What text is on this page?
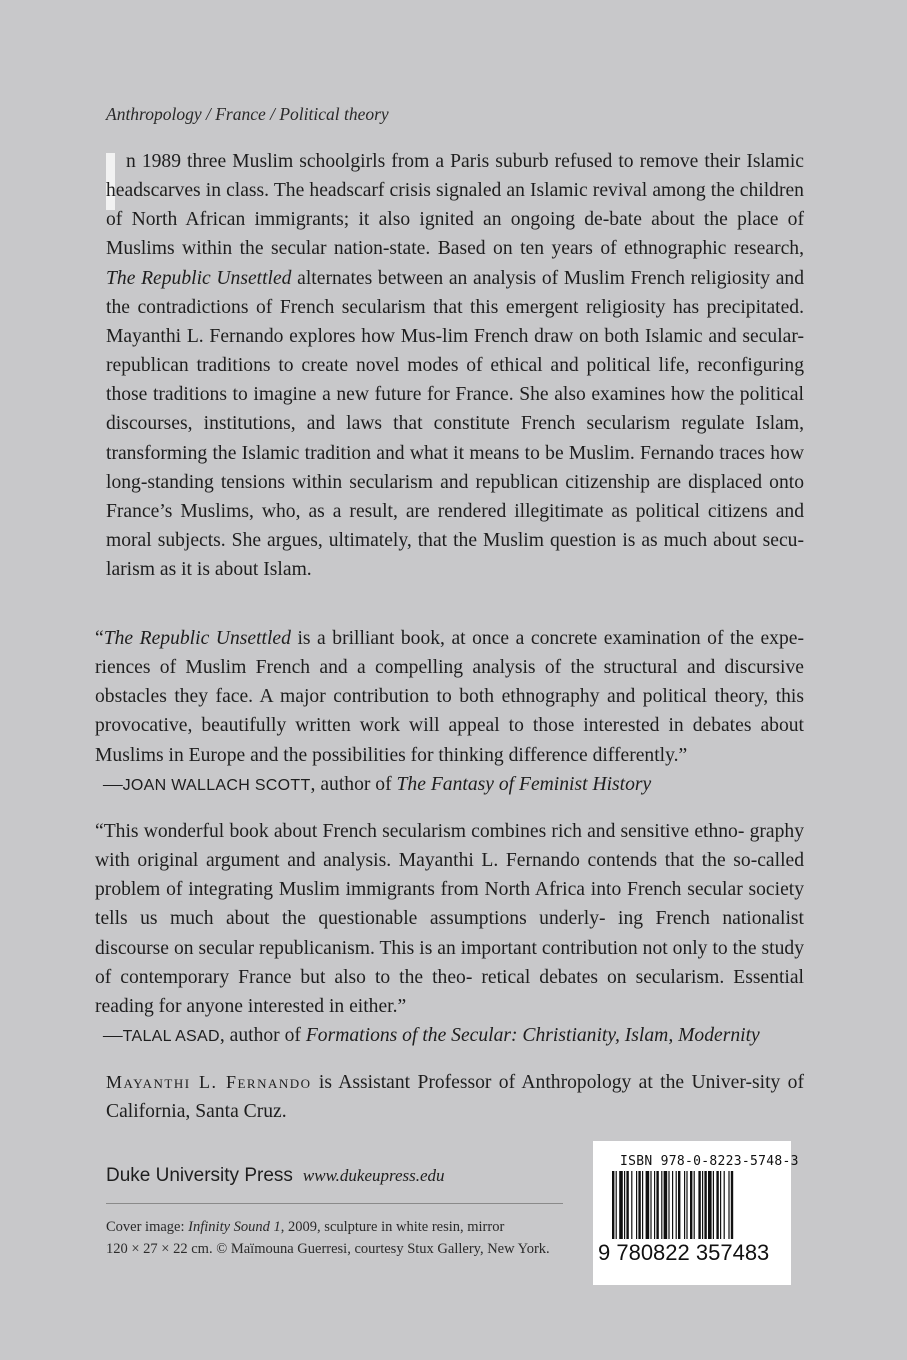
Anthropology / France / Political theory
n 1989 three Muslim schoolgirls from a Paris suburb refused to remove their Islamic headscarves in class. The headscarf crisis signaled an Islamic revival among the children of North African immigrants; it also ignited an ongoing de-bate about the place of Muslims within the secular nation-state. Based on ten years of ethnographic research, The Republic Unsettled alternates between an analysis of Muslim French religiosity and the contradictions of French secularism that this emergent religiosity has precipitated. Mayanthi L. Fernando explores how Mus-lim French draw on both Islamic and secular-republican traditions to create novel modes of ethical and political life, reconfiguring those traditions to imagine a new future for France. She also examines how the political discourses, institutions, and laws that constitute French secularism regulate Islam, transforming the Islamic tradition and what it means to be Muslim. Fernando traces how long-standing tensions within secularism and republican citizenship are displaced onto France’s Muslims, who, as a result, are rendered illegitimate as political citizens and moral subjects. She argues, ultimately, that the Muslim question is as much about secu-larism as it is about Islam.
“The Republic Unsettled is a brilliant book, at once a concrete examination of the expe- riences of Muslim French and a compelling analysis of the structural and discursive obstacles they face. A major contribution to both ethnography and political theory, this provocative, beautifully written work will appeal to those interested in debates about Muslims in Europe and the possibilities for thinking difference differently.”
—JOAN WALLACH SCOTT, author of The Fantasy of Feminist History
“This wonderful book about French secularism combines rich and sensitive ethno- graphy with original argument and analysis. Mayanthi L. Fernando contends that the so-called problem of integrating Muslim immigrants from North Africa into French secular society tells us much about the questionable assumptions underly- ing French nationalist discourse on secular republicanism. This is an important contribution not only to the study of contemporary France but also to the theo- retical debates on secularism. Essential reading for anyone interested in either.”
—TALAL ASAD, author of Formations of the Secular: Christianity, Islam, Modernity
Mayanthi L. Fernando is Assistant Professor of Anthropology at the Univer-sity of California, Santa Cruz.
Duke University Press www.dukeupress.edu
Cover image: Infinity Sound 1, 2009, sculpture in white resin, mirror
120 × 27 × 22 cm. © Maïmouna Guerresi, courtesy Stux Gallery, New York.
ISBN 978-0-8223-5748-3
9 780822 357483
